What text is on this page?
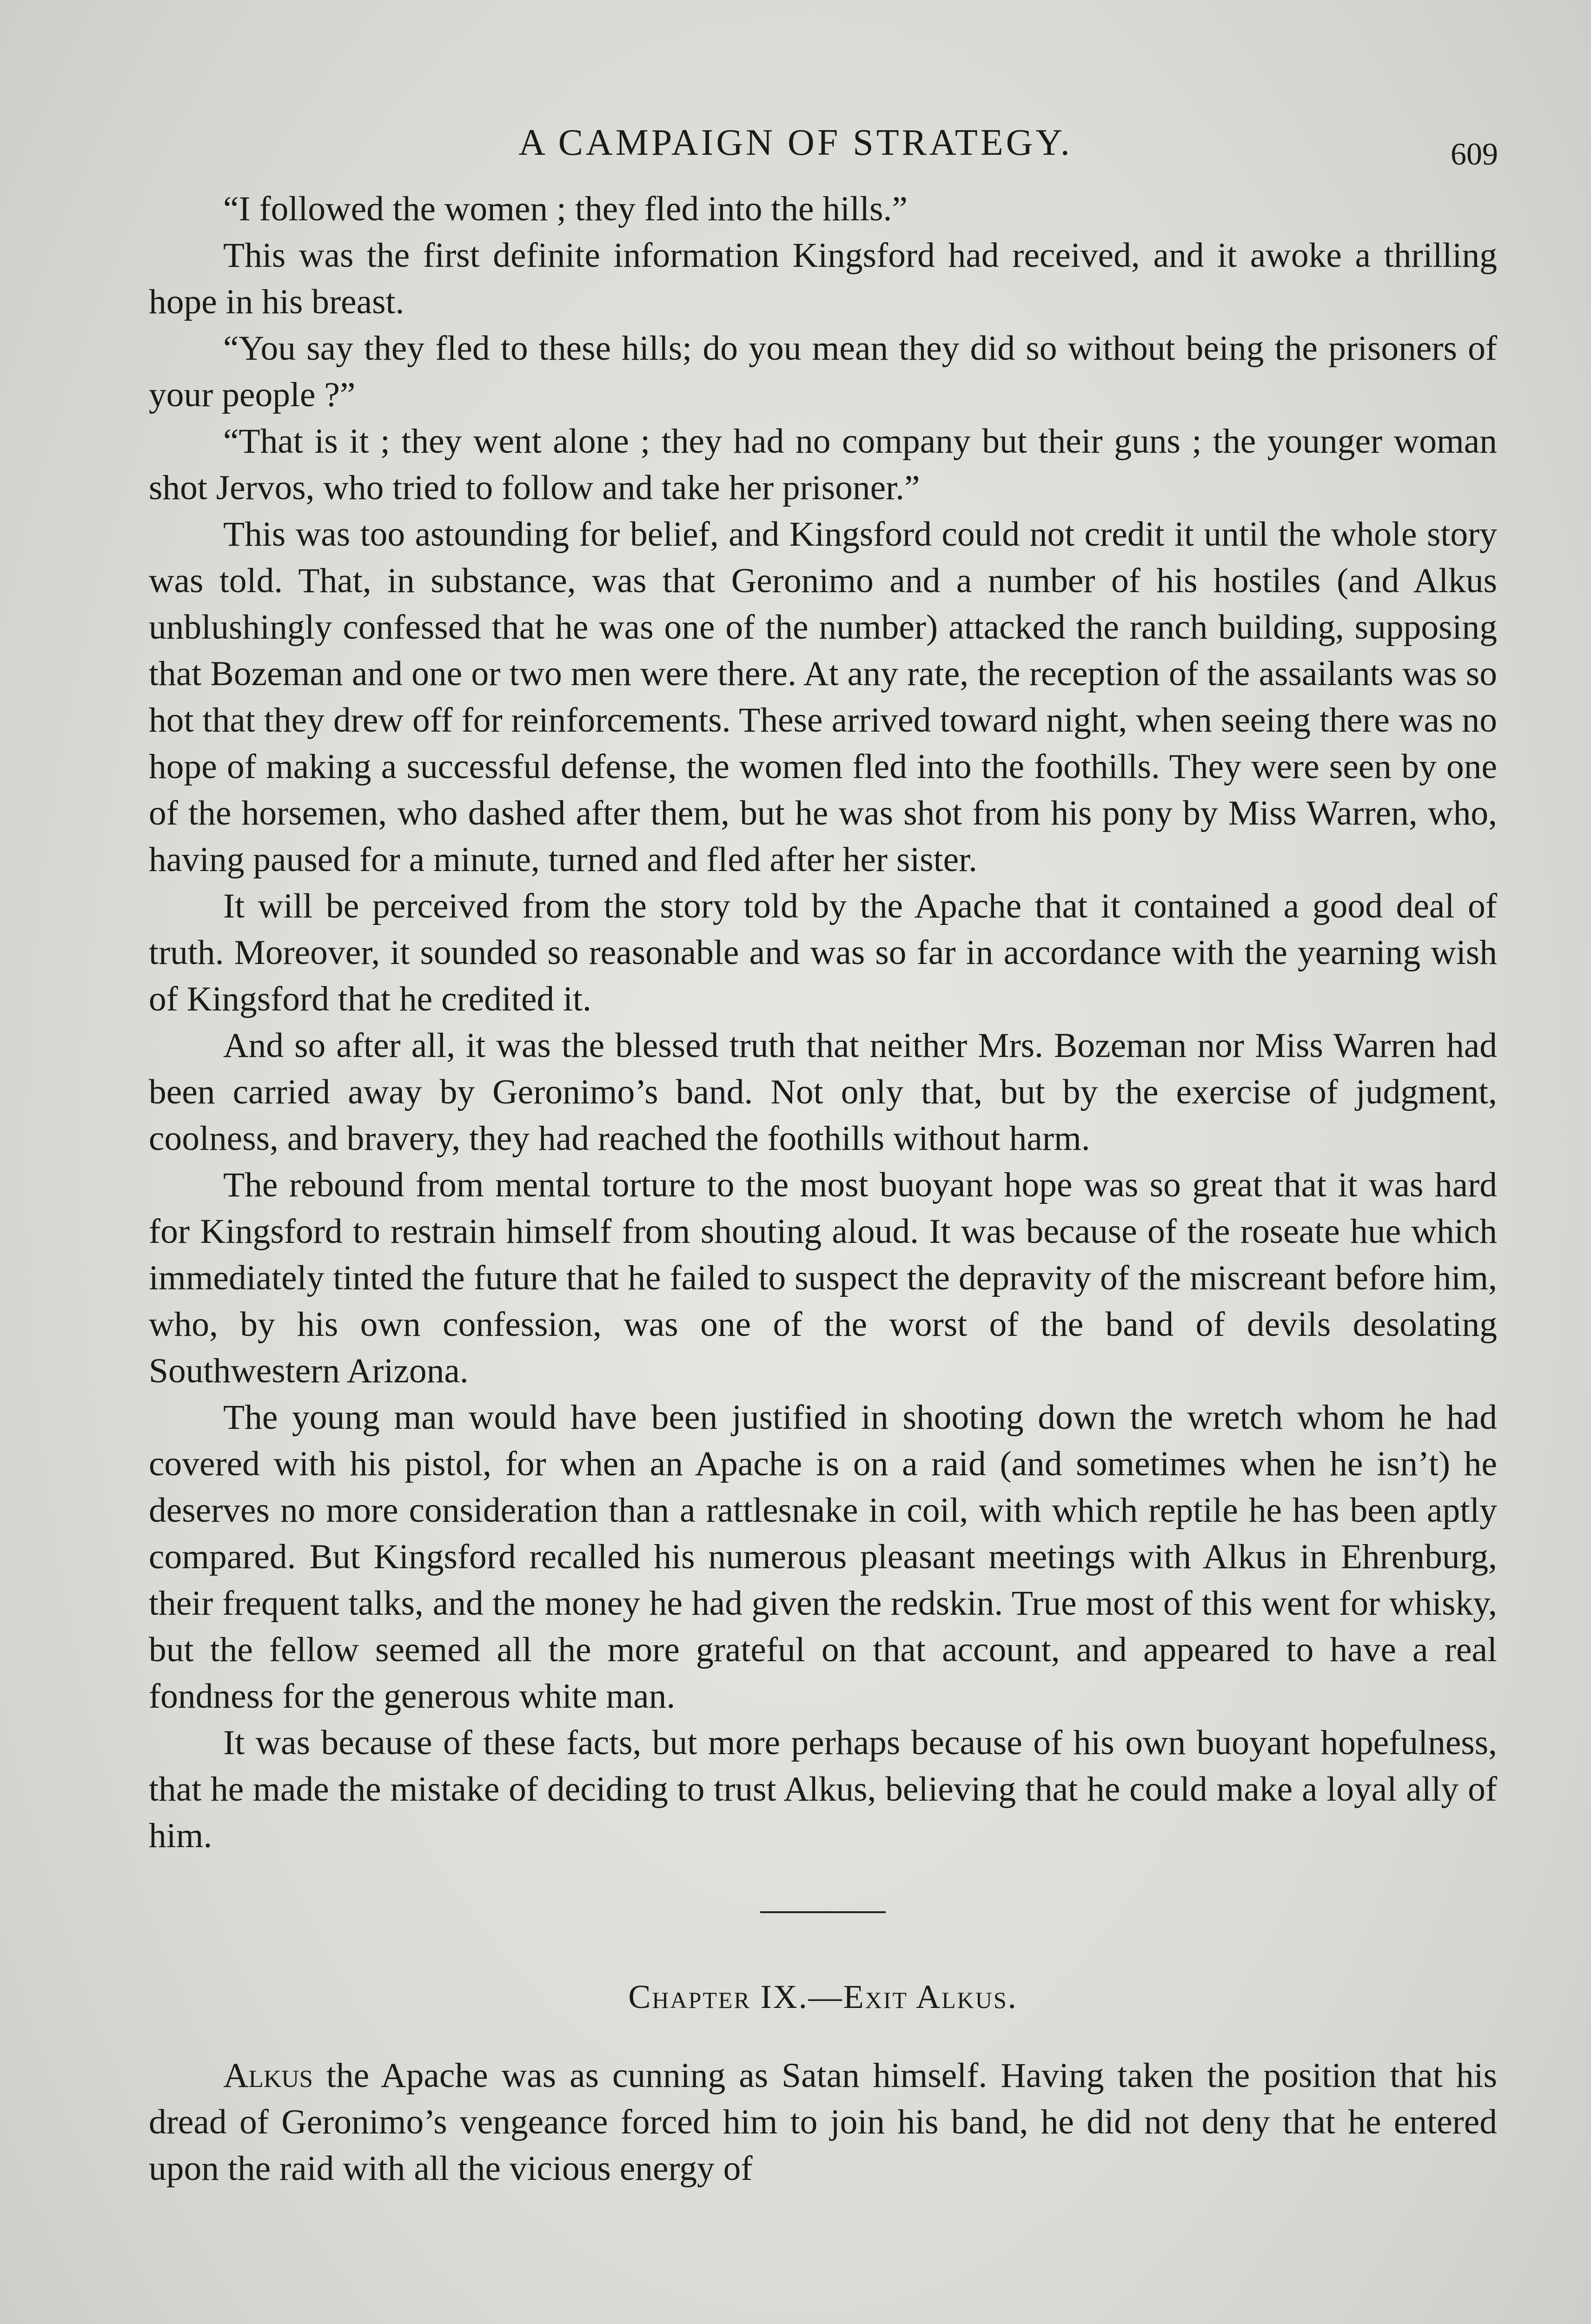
A CAMPAIGN OF STRATEGY.	609

“I followed the women ; they fled into the hills.”

This was the first definite information Kingsford had received, and it awoke a thrilling hope in his breast.

“You say they fled to these hills; do you mean they did so without being the prisoners of your people ?”

“That is it ; they went alone ; they had no company but their guns ; the younger woman shot Jervos, who tried to follow and take her prisoner.”

This was too astounding for belief, and Kingsford could not credit it until the whole story was told. That, in substance, was that Geronimo and a number of his hostiles (and Alkus unblushingly confessed that he was one of the number) attacked the ranch building, supposing that Bozeman and one or two men were there. At any rate, the reception of the assailants was so hot that they drew off for reinforcements. These arrived toward night, when seeing there was no hope of making a successful defense, the women fled into the foothills. They were seen by one of the horsemen, who dashed after them, but he was shot from his pony by Miss Warren, who, having paused for a minute, turned and fled after her sister.

It will be perceived from the story told by the Apache that it contained a good deal of truth. Moreover, it sounded so reasonable and was so far in accordance with the yearning wish of Kingsford that he credited it.

And so after all, it was the blessed truth that neither Mrs. Bozeman nor Miss Warren had been carried away by Geronimo’s band. Not only that, but by the exercise of judgment, coolness, and bravery, they had reached the foothills without harm.

The rebound from mental torture to the most buoyant hope was so great that it was hard for Kingsford to restrain himself from shouting aloud. It was because of the roseate hue which immediately tinted the future that he failed to suspect the depravity of the miscreant before him, who, by his own confession, was one of the worst of the band of devils desolating Southwestern Arizona.

The young man would have been justified in shooting down the wretch whom he had covered with his pistol, for when an Apache is on a raid (and sometimes when he isn’t) he deserves no more consideration than a rattlesnake in coil, with which reptile he has been aptly compared. But Kingsford recalled his numerous pleasant meetings with Alkus in Ehrenburg, their frequent talks, and the money he had given the redskin. True most of this went for whisky, but the fellow seemed all the more grateful on that account, and appeared to have a real fondness for the generous white man.

It was because of these facts, but more perhaps because of his own buoyant hopefulness, that he made the mistake of deciding to trust Alkus, believing that he could make a loyal ally of him.

Chapter IX.—Exit Alkus.

Alkus the Apache was as cunning as Satan himself. Having taken the position that his dread of Geronimo’s vengeance forced him to join his band, he did not deny that he entered upon the raid with all the vicious energy of
